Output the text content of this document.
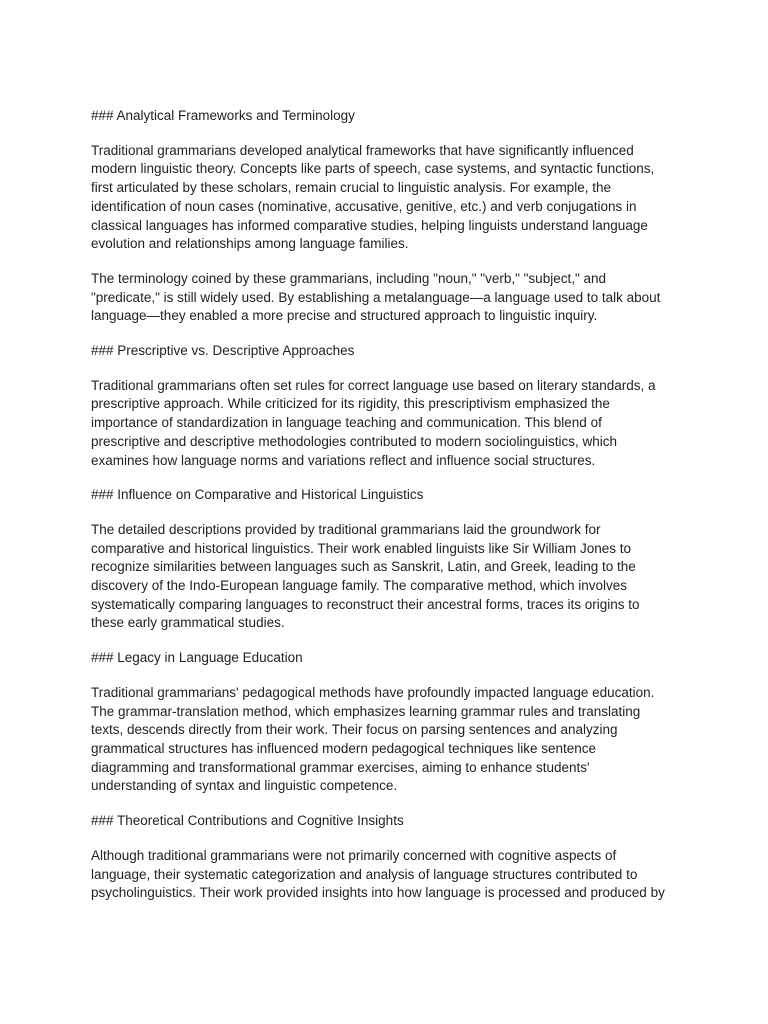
### Analytical Frameworks and Terminology
Traditional grammarians developed analytical frameworks that have significantly influenced
modern linguistic theory. Concepts like parts of speech, case systems, and syntactic functions,
first articulated by these scholars, remain crucial to linguistic analysis. For example, the
identification of noun cases (nominative, accusative, genitive, etc.) and verb conjugations in
classical languages has informed comparative studies, helping linguists understand language
evolution and relationships among language families.
The terminology coined by these grammarians, including "noun," "verb," "subject," and
"predicate," is still widely used. By establishing a metalanguage—a language used to talk about
language—they enabled a more precise and structured approach to linguistic inquiry.
### Prescriptive vs. Descriptive Approaches
Traditional grammarians often set rules for correct language use based on literary standards, a
prescriptive approach. While criticized for its rigidity, this prescriptivism emphasized the
importance of standardization in language teaching and communication. This blend of
prescriptive and descriptive methodologies contributed to modern sociolinguistics, which
examines how language norms and variations reflect and influence social structures.
### Influence on Comparative and Historical Linguistics
The detailed descriptions provided by traditional grammarians laid the groundwork for
comparative and historical linguistics. Their work enabled linguists like Sir William Jones to
recognize similarities between languages such as Sanskrit, Latin, and Greek, leading to the
discovery of the Indo-European language family. The comparative method, which involves
systematically comparing languages to reconstruct their ancestral forms, traces its origins to
these early grammatical studies.
### Legacy in Language Education
Traditional grammarians' pedagogical methods have profoundly impacted language education.
The grammar-translation method, which emphasizes learning grammar rules and translating
texts, descends directly from their work. Their focus on parsing sentences and analyzing
grammatical structures has influenced modern pedagogical techniques like sentence
diagramming and transformational grammar exercises, aiming to enhance students'
understanding of syntax and linguistic competence.
### Theoretical Contributions and Cognitive Insights
Although traditional grammarians were not primarily concerned with cognitive aspects of
language, their systematic categorization and analysis of language structures contributed to
psycholinguistics. Their work provided insights into how language is processed and produced by
